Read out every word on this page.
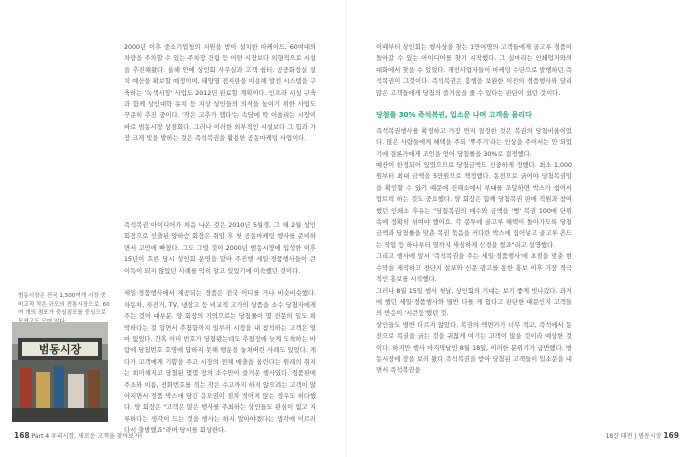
2000년 이후 중소기업청의 지원을 받아 설치한 아케이드, 60여대의 차량을 주차할 수 있는 주차장 건립 등 어떤 시장보다 외형적으로 시설을 추진해왔다. 올해 안에 상인회 사무실과 고객 쉼터, 공중화장실 설치 예산을 확보할 예정이며, 태양열 전지판을 이용해 발전 시스템을 구축하는 '녹색시장' 사업도 2012년 완료할 계획이다. 인프라 시설 구축과 함께 상인대학 유치 등 지상 상인들의 의식을 높이기 위한 사업도 꾸준히 추진 중이다. '작은 고추가 맵다'는 속담에 딱 어울리는 시장이 바로 범동시장 상점회다. 그러나 이러한 외부적인 시설보다 그 힘과 가장 크게 빛을 발하는 것은 즉석복권을 활용한 공동마케팅 사업이다.

즉석복권 아이디어가 처음 나온 것은 2010년 5월경, 그 해 2월 상인회장으로 선출된 양하승 회장은 취임 후 첫 공동마케팅 행사를 준비하면서 고민에 빠졌다. 그도 그럴 것이 2000년 범동시장에 입성한 이후 15년이 흐른 당시 상인회 운영을 맡아 주진행 세일·경품행사들이 큰 이득이 되지 않았던 사례를 익히 알고 있었기에 미숙했던 것이다.

세일·경품행사에서 제공되는 경품은 전국 어디를 가나 비슷비슷했다. 자동차, 자전거, TV, 냉장고 등 비교적 고가의 상품을 소수 당첨자에게 주는 것이 대부분. 양 회장의 기억으로는 당첨률이 몇 전문의 일도 희박하다는 걸 알면서 추첨함까지 일부러 시장을 내 참석하는 고객은 얼마 없었다. 간혹 이미 번호가 당첨됐는데도 추첨장에 늦게 도착하는 바람에 당첨번호 호명에 답하지 못해 행운을 놓쳐버린 사례도 있었다. 게다가 고객에게 기쁨을 주고 시장의 전체 매출을 올린다는 원래의 취지는 희미해지고 당첨된 몇몇 장의 소수만이 즐거운 행사였다. 경품판매 주소와 이름, 전화번호를 적는 작은 수고까지 하지 않으려는 고객이 많아지면서 경품 박스에 담긴 응모권이 점차 적어져 않는 경우도 허다했다. 양 회장은 "고객은 많은 행사를 주최하는 상인들도 관심이 없고 지루하다는 생각이 드는 것을 행사는 하지 말아야겠다는 생각에 이르러 다시 출발했죠"라며 당시를 회상한다.

범동시장은 전국 1,500여개 시장 중 비교적 작은 규모의 전통시장으로, 60여 개의 점포가 중심점포를 중심으로
범동시장
168 Part 4 우리시장, 새로운 고객을 찾아보자!

이때부터 상인회는 행사상을 찾는 1만여명의 고객들에게 골고루 경품이 돌아갈 수 있는 아이디어를 찾기 시작했다. 그 실마리는 인쇄업자와의 대화에서 찾을 수 있었다. 개인사업자들이 마케팅 수단으로 발행하던 즉석복권이 그것이다. 즉석복권은 흥행을 보완한 이전의 경품행사와 달리 많은 고객들에게 당첨의 즐거움을 줄 수 있다는 판단이 섰던 것이다.

당첨률 30% 즉석복권, 입소문 나며 고객을 몰리다

즉석복권행사를 확정하고 가장 먼저 결정한 것은 복권의 당첨비율이었다. 많은 사람들에게 혜택을 주되 '뿌주기'라는 인상을 주어서는 안 되었기에 결론가에게 조언을 얻어 당첨률을 30%로 결정했다.

예산이 한정되어 있었으므로 당첨금액도 신중하게 정했다. 최소 1,000원부터 최대 금액을 5만원으로 책정했다. 동전으로 긁어야 당첨복권임을 확인할 수 있기 때문에 진해소에서 부대를 조달하면 박스가 쉽어서 업트릭 하는 것도 중요했다. 양 회장은 함께 당첨복권 판매 직원과 참여했던 인쇄소 후유는 "당첨복권의 매수와 금액을 '뻥' 복권 100매 단위 속에 정확히 섞여야 했어요. 각 봉투에 골고루 혜택이 돌아가도록 당첨금액과 당첨률을 맞춘 복권 묶음을 커다란 박스에 집어넣고 골고루 흔드는 작업 등 하나부터 열까지 세심하게 신경을 썼죠"라고 설명했다.

그리고 행사에 앞서 '즉석복권을 주는 세일·경품행사'에 초점을 맞춘 현수막을 제작하고 전단지 살포와 신문 광고를 통한 홍보 이후 가장 적극적인 홍보를 시작했다.

그러나 8월 15일 행사 첫날, 상인회의 기대는 보기 좋게 빗나갔다. 과거에 했던 세일·경품행사와 별반 다를 게 없다고 판단한 때문인지 고객들의 반응이 '시큰둥'했던 것.

상인들도 별반 다르지 않았다. 복권의 액면가가 너무 적고, 즉석에서 동전으로 복권을 긁는 것을 귀찮게 여기는 고객이 많을 것이라 예상한 것이다. 하지만 행사 마지막날인 8월 18일, 이러한 분위기가 급반했다. 범동시장에 장을 보러 왔다 즉석복권을 받아 당첨된 고객들이 입소문을 내면서 즉석복권을

18장 대전 | 범동시장 169
